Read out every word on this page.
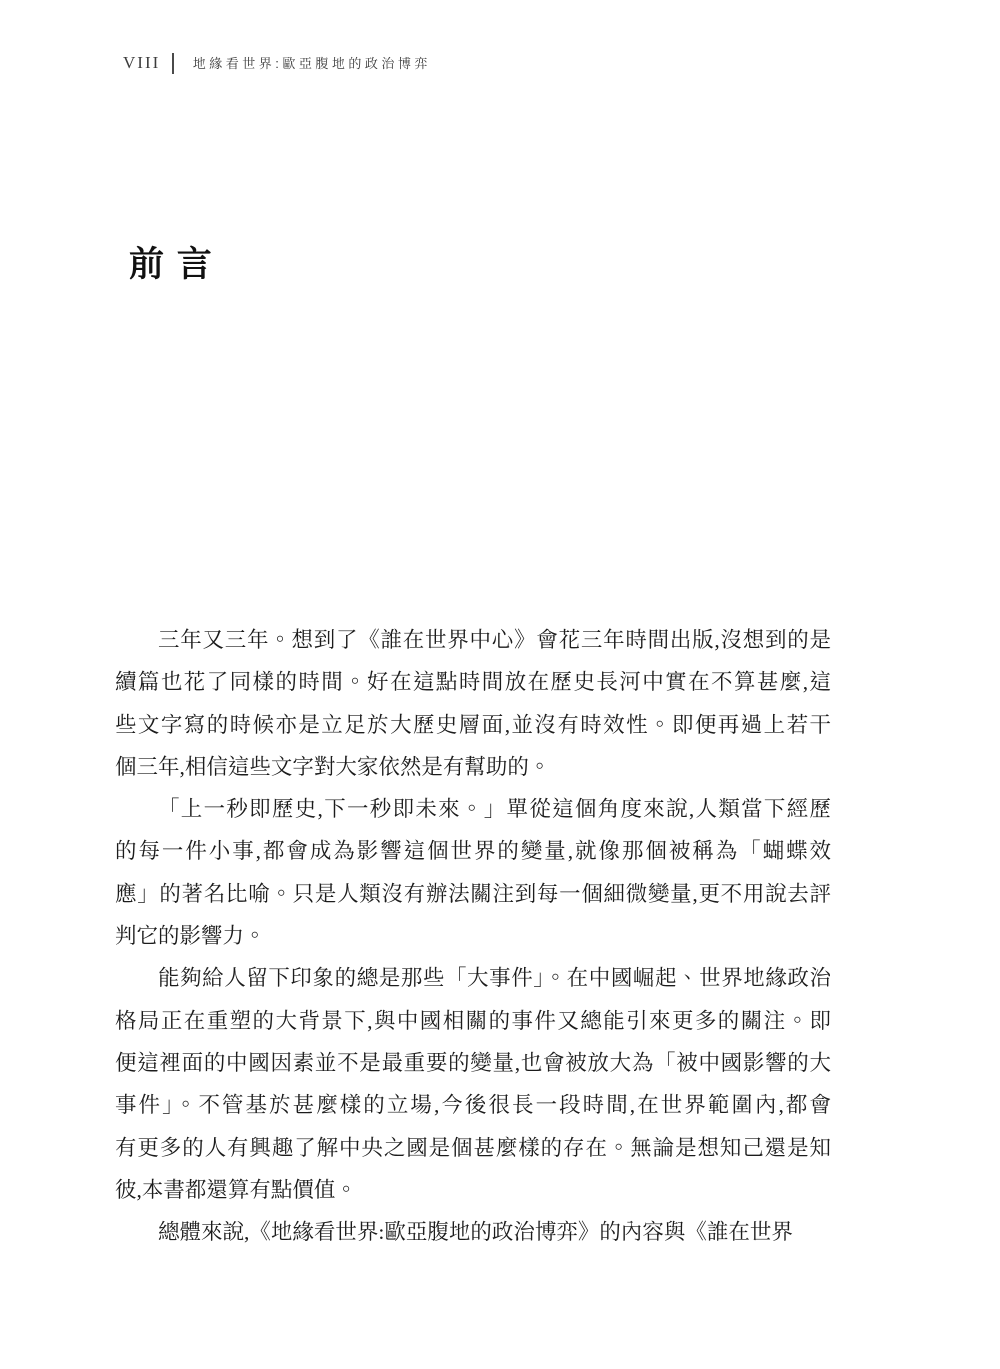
VIII	地緣看世界:歐亞腹地的政治博弈
前 言
三年又三年。想到了《誰在世界中心》會花三年時間出版,沒想到的是
續篇也花了同樣的時間。好在這點時間放在歷史長河中實在不算甚麼,這
些文字寫的時候亦是立足於大歷史層面,並沒有時效性。即便再過上若干
個三年,相信這些文字對大家依然是有幫助的。
「上一秒即歷史,下一秒即未來。」單從這個角度來說,人類當下經歷
的每一件小事,都會成為影響這個世界的變量,就像那個被稱為「蝴蝶效
應」的著名比喻。只是人類沒有辦法關注到每一個細微變量,更不用說去評
判它的影響力。
能夠給人留下印象的總是那些「大事件」。在中國崛起、世界地緣政治
格局正在重塑的大背景下,與中國相關的事件又總能引來更多的關注。即
便這裡面的中國因素並不是最重要的變量,也會被放大為「被中國影響的大
事件」。不管基於甚麼樣的立場,今後很長一段時間,在世界範圍內,都會
有更多的人有興趣了解中央之國是個甚麼樣的存在。無論是想知己還是知
彼,本書都還算有點價值。
總體來說,《地緣看世界:歐亞腹地的政治博弈》的內容與《誰在世界
